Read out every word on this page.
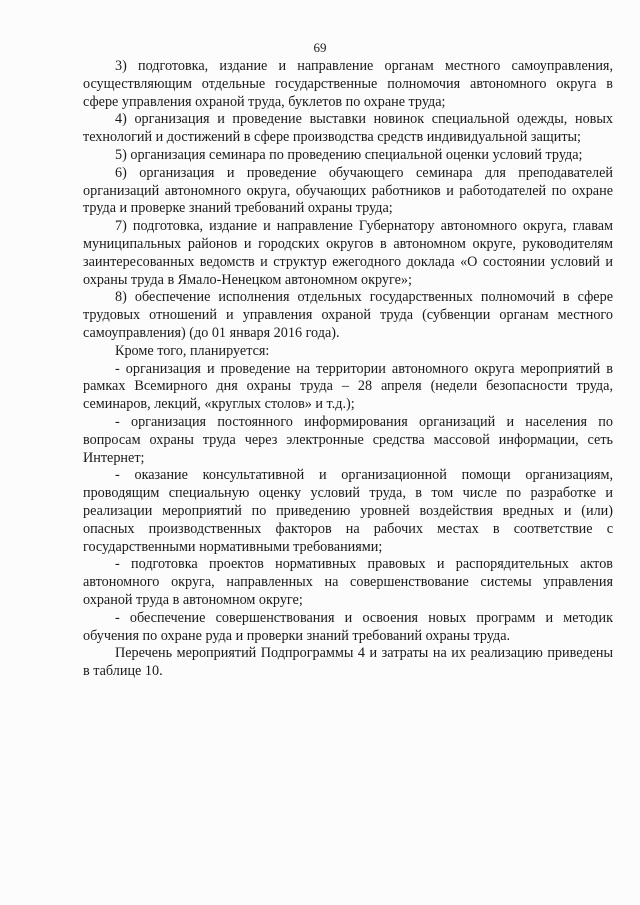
69

3) подготовка, издание и направление органам местного самоуправления, осуществляющим отдельные государственные полномочия автономного округа в сфере управления охраной труда, буклетов по охране труда;

4) организация и проведение выставки новинок специальной одежды, новых технологий и достижений в сфере производства средств индивидуальной защиты;

5) организация семинара по проведению специальной оценки условий труда;

6) организация и проведение обучающего семинара для преподавателей организаций автономного округа, обучающих работников и работодателей по охране труда и проверке знаний требований охраны труда;

7) подготовка, издание и направление Губернатору автономного округа, главам муниципальных районов и городских округов в автономном округе, руководителям заинтересованных ведомств и структур ежегодного доклада «О состоянии условий и охраны труда в Ямало-Ненецком автономном округе»;

8) обеспечение исполнения отдельных государственных полномочий в сфере трудовых отношений и управления охраной труда (субвенции органам местного самоуправления) (до 01 января 2016 года).

Кроме того, планируется:

- организация и проведение на территории автономного округа мероприятий в рамках Всемирного дня охраны труда – 28 апреля (недели безопасности труда, семинаров, лекций, «круглых столов» и т.д.);

- организация постоянного информирования организаций и населения по вопросам охраны труда через электронные средства массовой информации, сеть Интернет;

- оказание консультативной и организационной помощи организациям, проводящим специальную оценку условий труда, в том числе по разработке и реализации мероприятий по приведению уровней воздействия вредных и (или) опасных производственных факторов на рабочих местах в соответствие с государственными нормативными требованиями;

- подготовка проектов нормативных правовых и распорядительных актов автономного округа, направленных на совершенствование системы управления охраной труда в автономном округе;

- обеспечение совершенствования и освоения новых программ и методик обучения по охране руда и проверки знаний требований охраны труда.

Перечень мероприятий Подпрограммы 4 и затраты на их реализацию приведены в таблице 10.
